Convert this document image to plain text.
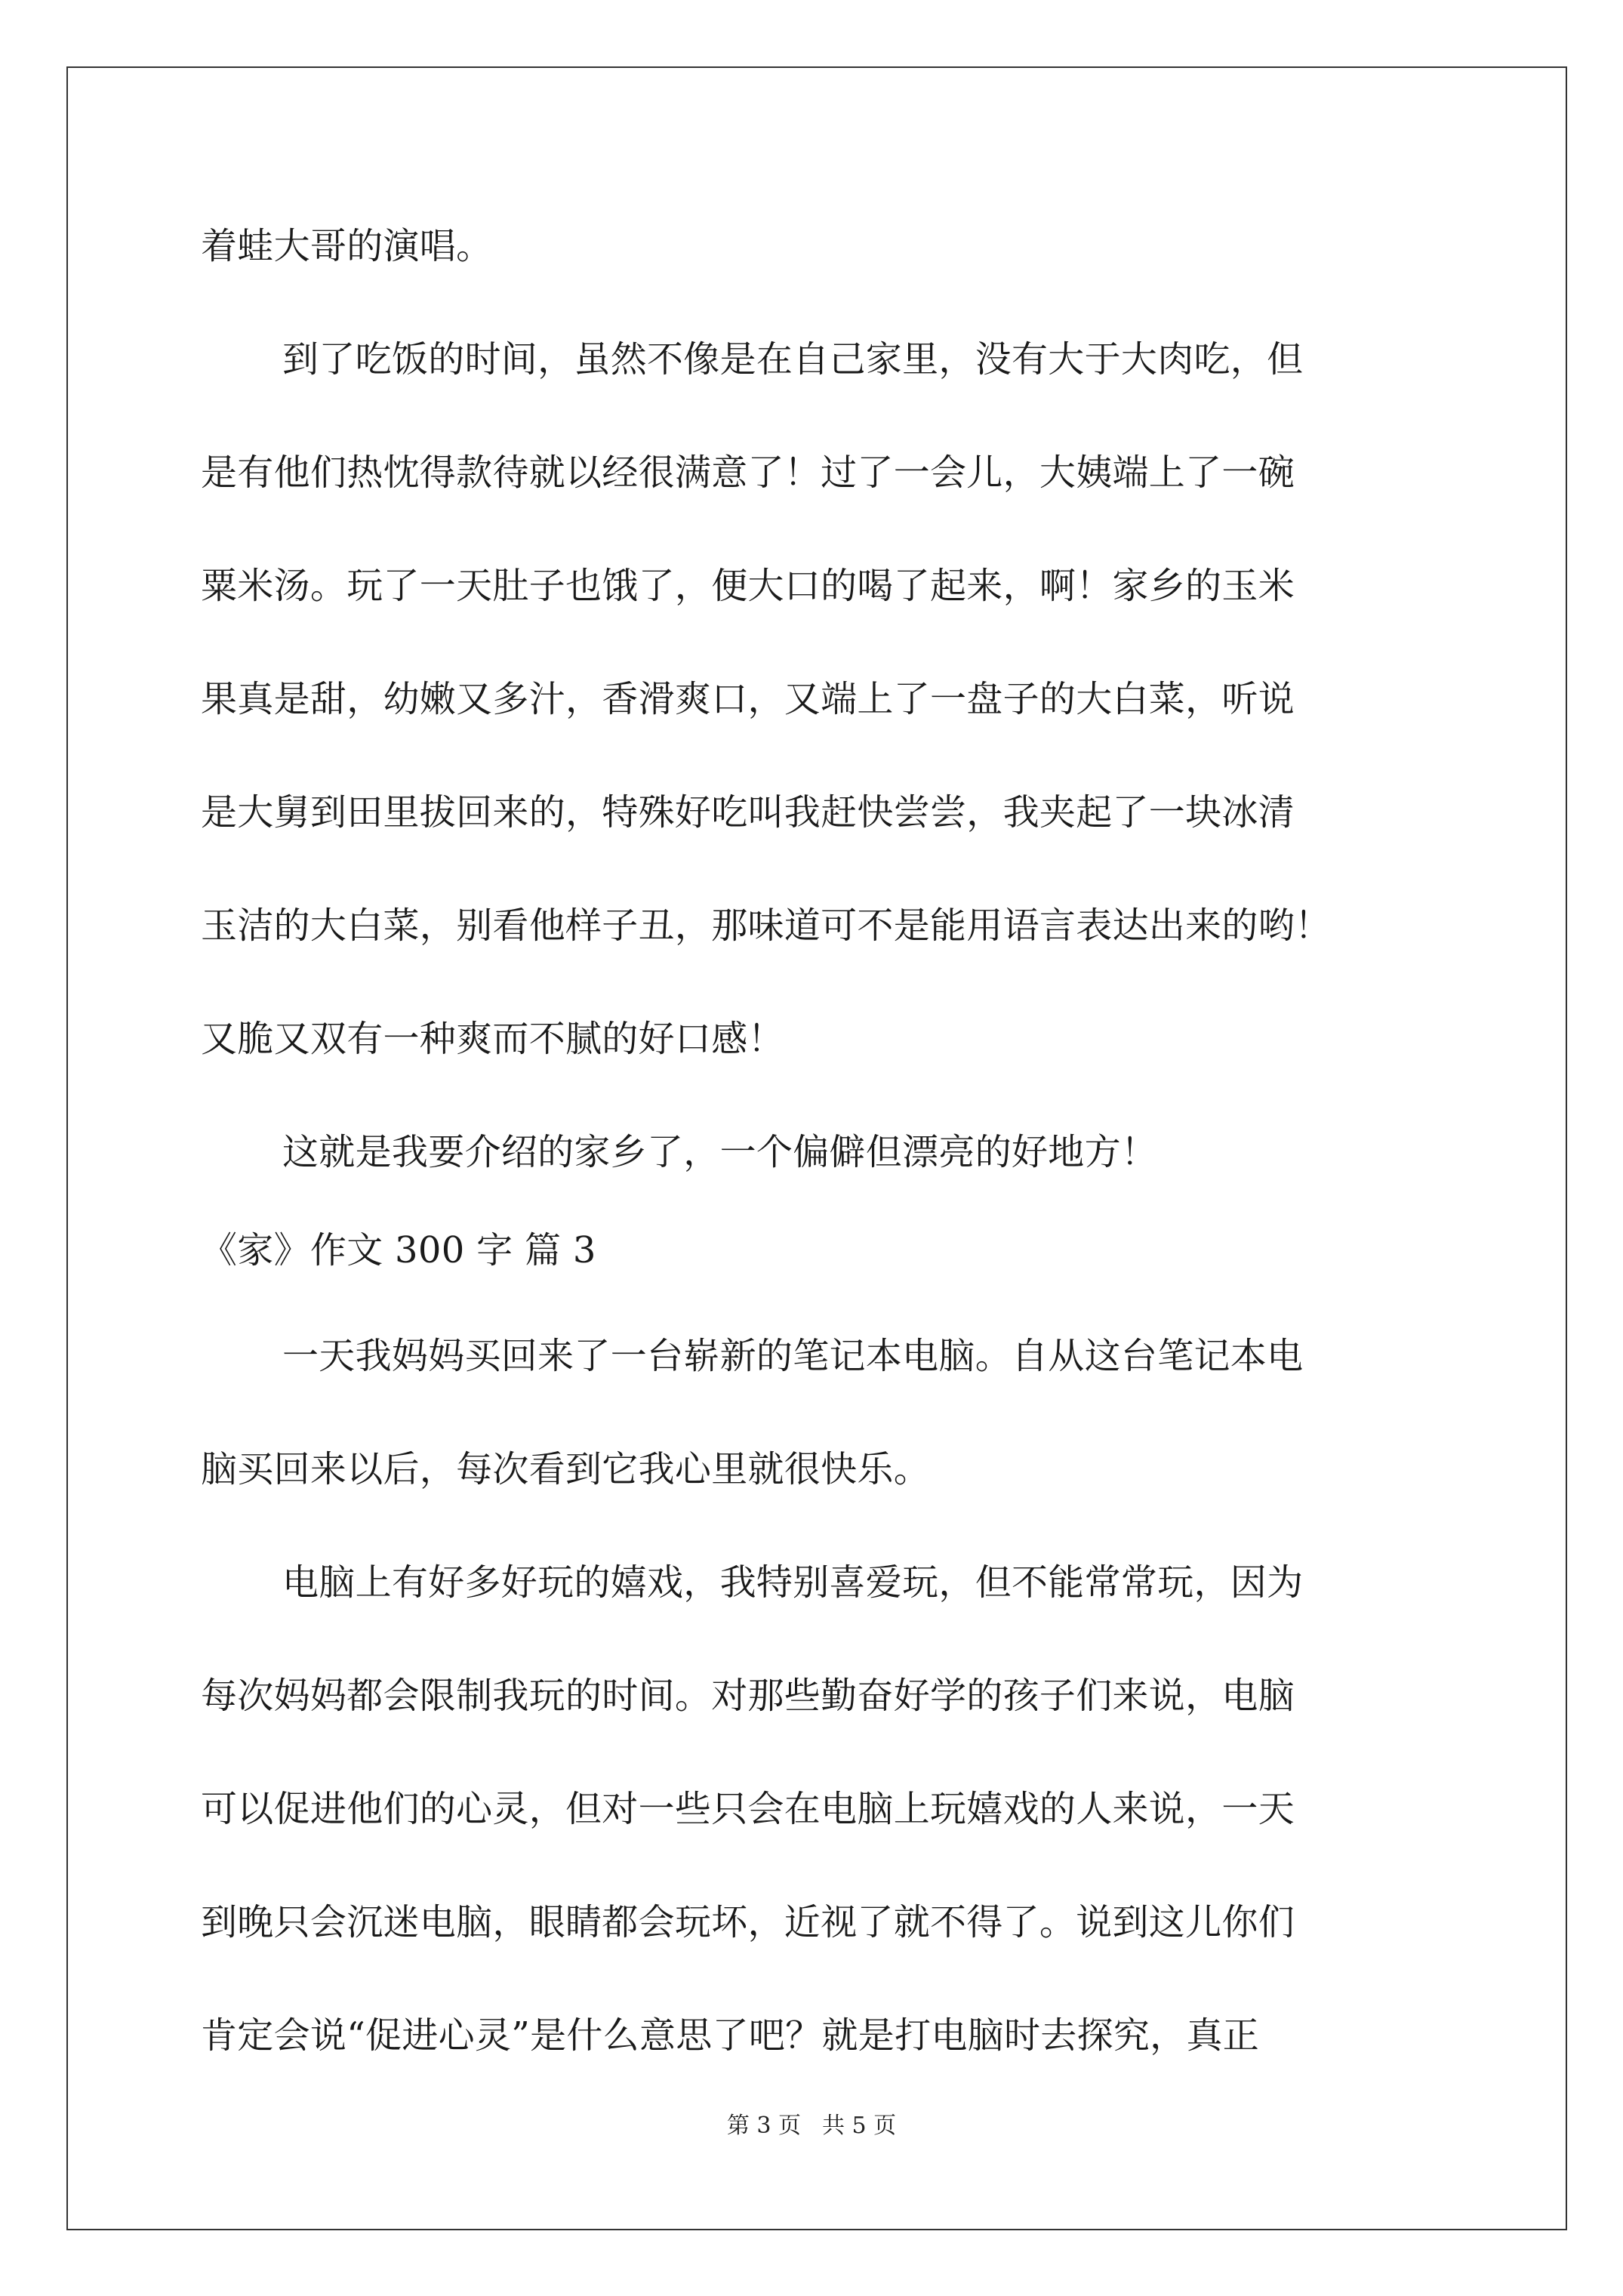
着蛙大哥的演唱。
到了吃饭的时间，虽然不像是在自己家里，没有大于大肉吃，但
是有他们热忱得款待就以经很满意了！过了一会儿，大姨端上了一碗
粟米汤。玩了一天肚子也饿了，便大口的喝了起来，啊！家乡的玉米
果真是甜，幼嫩又多汁，香滑爽口，又端上了一盘子的大白菜，听说
是大舅到田里拔回来的，特殊好吃叫我赶快尝尝，我夹起了一块冰清
玉洁的大白菜，别看他样子丑，那味道可不是能用语言表达出来的哟！
又脆又双有一种爽而不腻的好口感！
这就是我要介绍的家乡了，一个偏僻但漂亮的好地方！
《家》作文 300 字 篇 3
一天我妈妈买回来了一台崭新的笔记本电脑。自从这台笔记本电
脑买回来以后，每次看到它我心里就很快乐。
电脑上有好多好玩的嬉戏，我特别喜爱玩，但不能常常玩，因为
每次妈妈都会限制我玩的时间。对那些勤奋好学的孩子们来说，电脑
可以促进他们的心灵，但对一些只会在电脑上玩嬉戏的人来说，一天
到晚只会沉迷电脑，眼睛都会玩坏，近视了就不得了。说到这儿你们
肯定会说“促进心灵”是什么意思了吧？就是打电脑时去探究，真正
第 3 页 共 5 页
